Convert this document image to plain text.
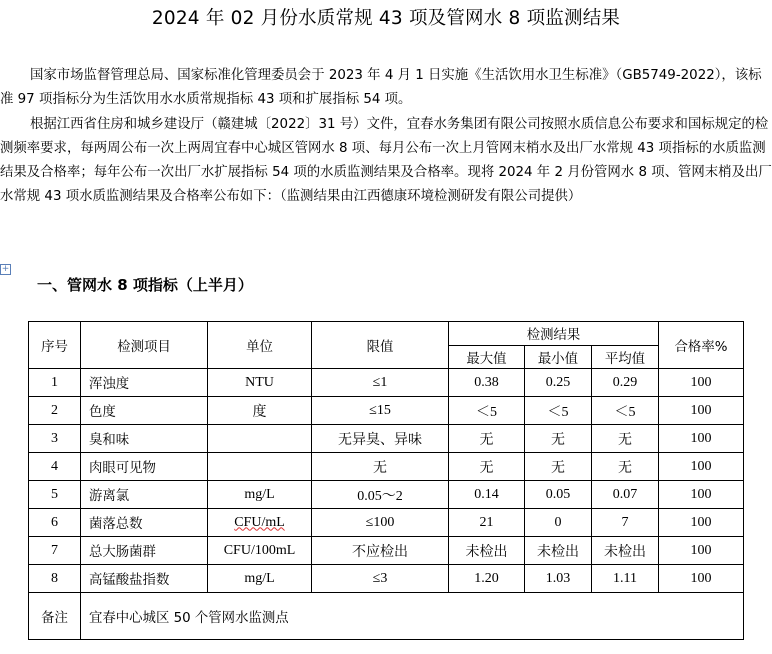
2024 年 02 月份水质常规 43 项及管网水 8 项监测结果
国家市场监督管理总局、国家标准化管理委员会于 2023 年 4 月 1 日实施《生活饮用水卫生标准》（GB5749-2022），该标准 97 项指标分为生活饮用水水质常规指标 43 项和扩展指标 54 项。
根据江西省住房和城乡建设厅（赣建城〔2022〕31 号）文件，宜春水务集团有限公司按照水质信息公布要求和国标规定的检测频率要求，每两周公布一次上两周宜春中心城区管网水 8 项、每月公布一次上月管网末梢水及出厂水常规 43 项指标的水质监测结果及合格率；每年公布一次出厂水扩展指标 54 项的水质监测结果及合格率。现将 2024 年 2 月份管网水 8 项、管网末梢及出厂水常规 43 项水质监测结果及合格率公布如下：（监测结果由江西德康环境检测研发有限公司提供）
+
一、管网水 8 项指标（上半月）
序号	检测项目	单位	限值	检测结果			合格率%
				最大值	最小值	平均值	
1	浑浊度	NTU	≤1	0.38	0.25	0.29	100
2	色度	度	≤15	＜5	＜5	＜5	100
3	臭和味		无异臭、异味	无	无	无	100
4	肉眼可见物		无	无	无	无	100
5	游离氯	mg/L	0.05～2	0.14	0.05	0.07	100
6	菌落总数	CFU/mL	≤100	21	0	7	100
7	总大肠菌群	CFU/100mL	不应检出	未检出	未检出	未检出	100
8	高锰酸盐指数	mg/L	≤3	1.20	1.03	1.11	100
备注	宜春中心城区 50 个管网水监测点						
